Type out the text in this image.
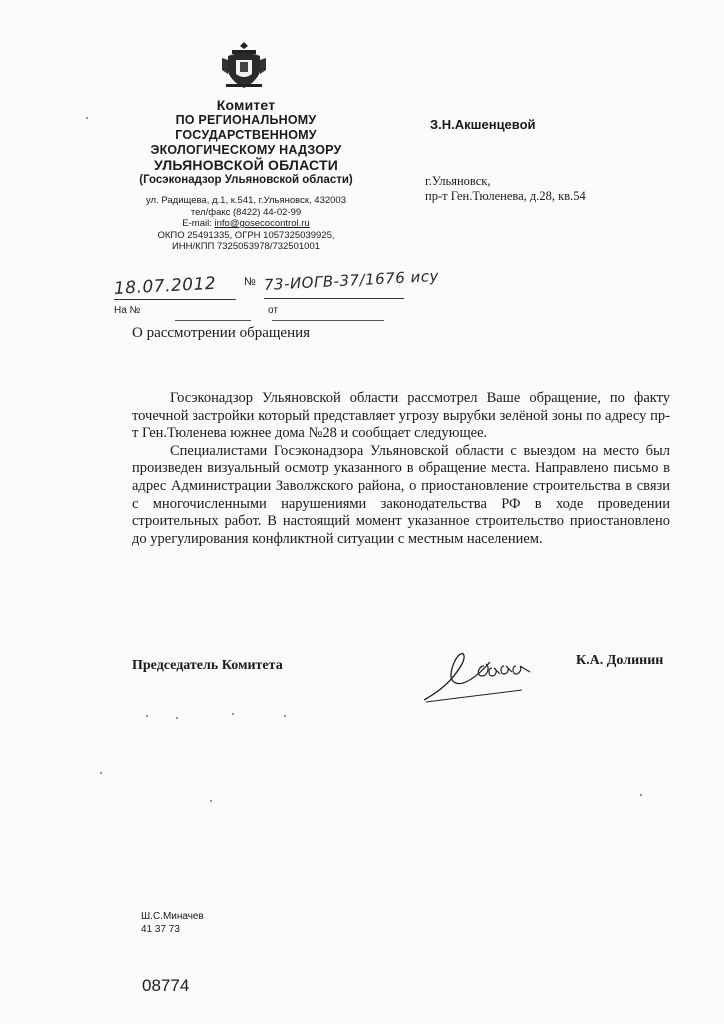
Комитет
ПО РЕГИОНАЛЬНОМУ
ГОСУДАРСТВЕННОМУ
ЭКОЛОГИЧЕСКОМУ НАДЗОРУ
УЛЬЯНОВСКОЙ ОБЛАСТИ
(Госэконадзор Ульяновской области)
ул. Радищева, д.1, к.541, г.Ульяновск, 432003
тел/факс (8422) 44-02-99
E-mail: info@gosecocontrol.ru
ОКПО 25491335, ОГРН 1057325039925,
ИНН/КПП 7325053978/732501001
З.Н.Акшенцевой
г.Ульяновск,
пр-т Ген.Тюленева, д.28, кв.54
18.07.2012 № 73-ИОГВ-37/1676 ису
На №	от
О рассмотрении обращения

Госэконадзор Ульяновской области рассмотрел Ваше обращение, по факту точечной застройки который представляет угрозу вырубки зелёной зоны по адресу пр-т Ген.Тюленева южнее дома №28 и сообщает следующее.

Специалистами Госэконадзора Ульяновской области с выездом на место был произведен визуальный осмотр указанного в обращение места. Направлено письмо в адрес Администрации Заволжского района, о приостановление строительства в связи с многочисленными нарушениями законодательства РФ в ходе проведении строительных работ. В настоящий момент указанное строительство приостановлено до урегулирования конфликтной ситуации с местным населением.

Председатель Комитета	К.А. Долинин
Ш.С.Миначев
41 37 73
08774
